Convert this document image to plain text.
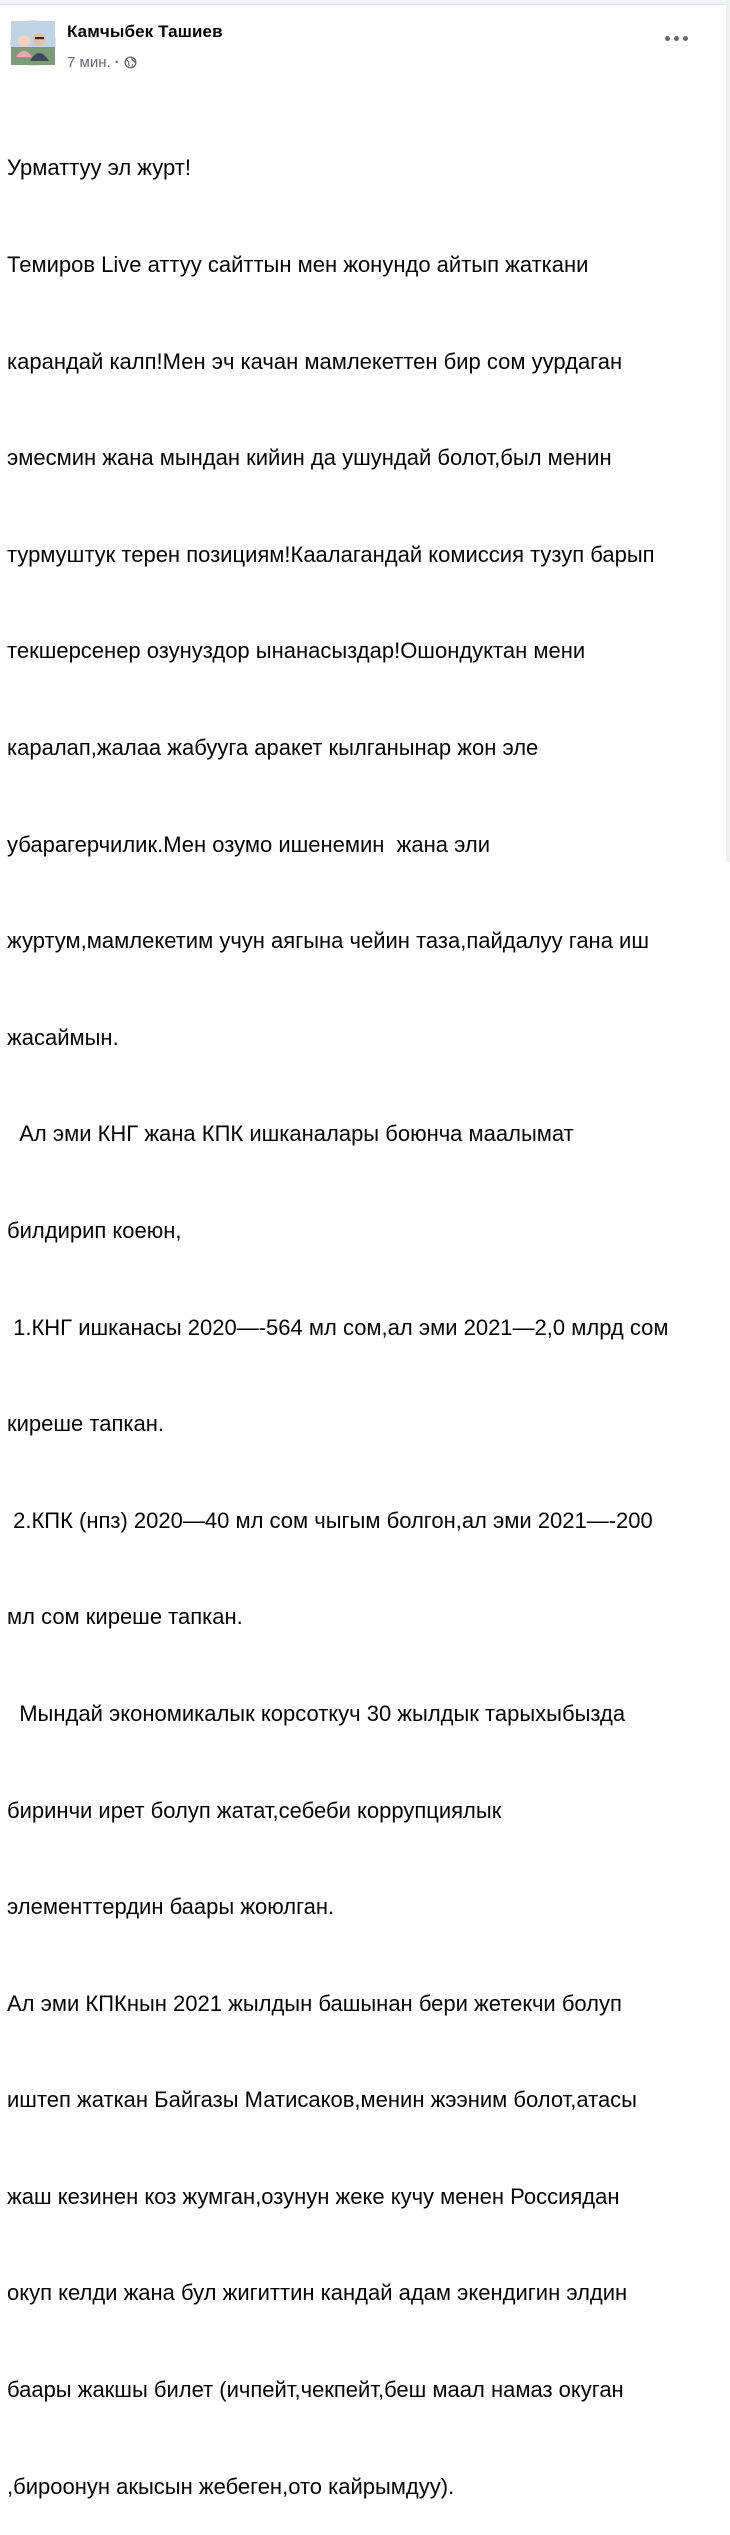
Камчыбек Ташиев
7 мин. ·

Урматтуу эл журт!

Темиров Live аттуу сайттын мен жонундо айтып жаткани

карандай калп!Мен эч качан мамлекеттен бир сом уурдаган

эмесмин жана мындан кийин да ушундай болот,был менин

турмуштук терен позициям!Каалагандай комиссия тузуп барып

текшерсенер озунуздор ынанасыздар!Ошондуктан мени

каралап,жалаа жабууга аракет кылганынар жон эле

убарагерчилик.Мен озумо ишенемин  жана эли

журтум,мамлекетим учун аягына чейин таза,пайдалуу гана иш

жасаймын.

Ал эми КНГ жана КПК ишканалары боюнча маалымат

билдирип коеюн,

1.КНГ ишканасы 2020—-564 мл сом,ал эми 2021—2,0 млрд сом

киреше тапкан.

2.КПК (нпз) 2020—40 мл сом чыгым болгон,ал эми 2021—-200

мл сом киреше тапкан.

Мындай экономикалык корсоткуч 30 жылдык тарыхыбызда

биринчи ирет болуп жатат,себеби коррупциялык

элементтердин баары жоюлган.

Ал эми КПКнын 2021 жылдын башынан бери жетекчи болуп

иштеп жаткан Байгазы Матисаков,менин жээним болот,атасы

жаш кезинен коз жумган,озунун жеке кучу менен Россиядан

окуп келди жана бул жигиттин кандай адам экендигин элдин

баары жакшы билет (ичпейт,чекпейт,беш маал намаз окуган

,бироонун акысын жебеген,ото кайрымдуу).
